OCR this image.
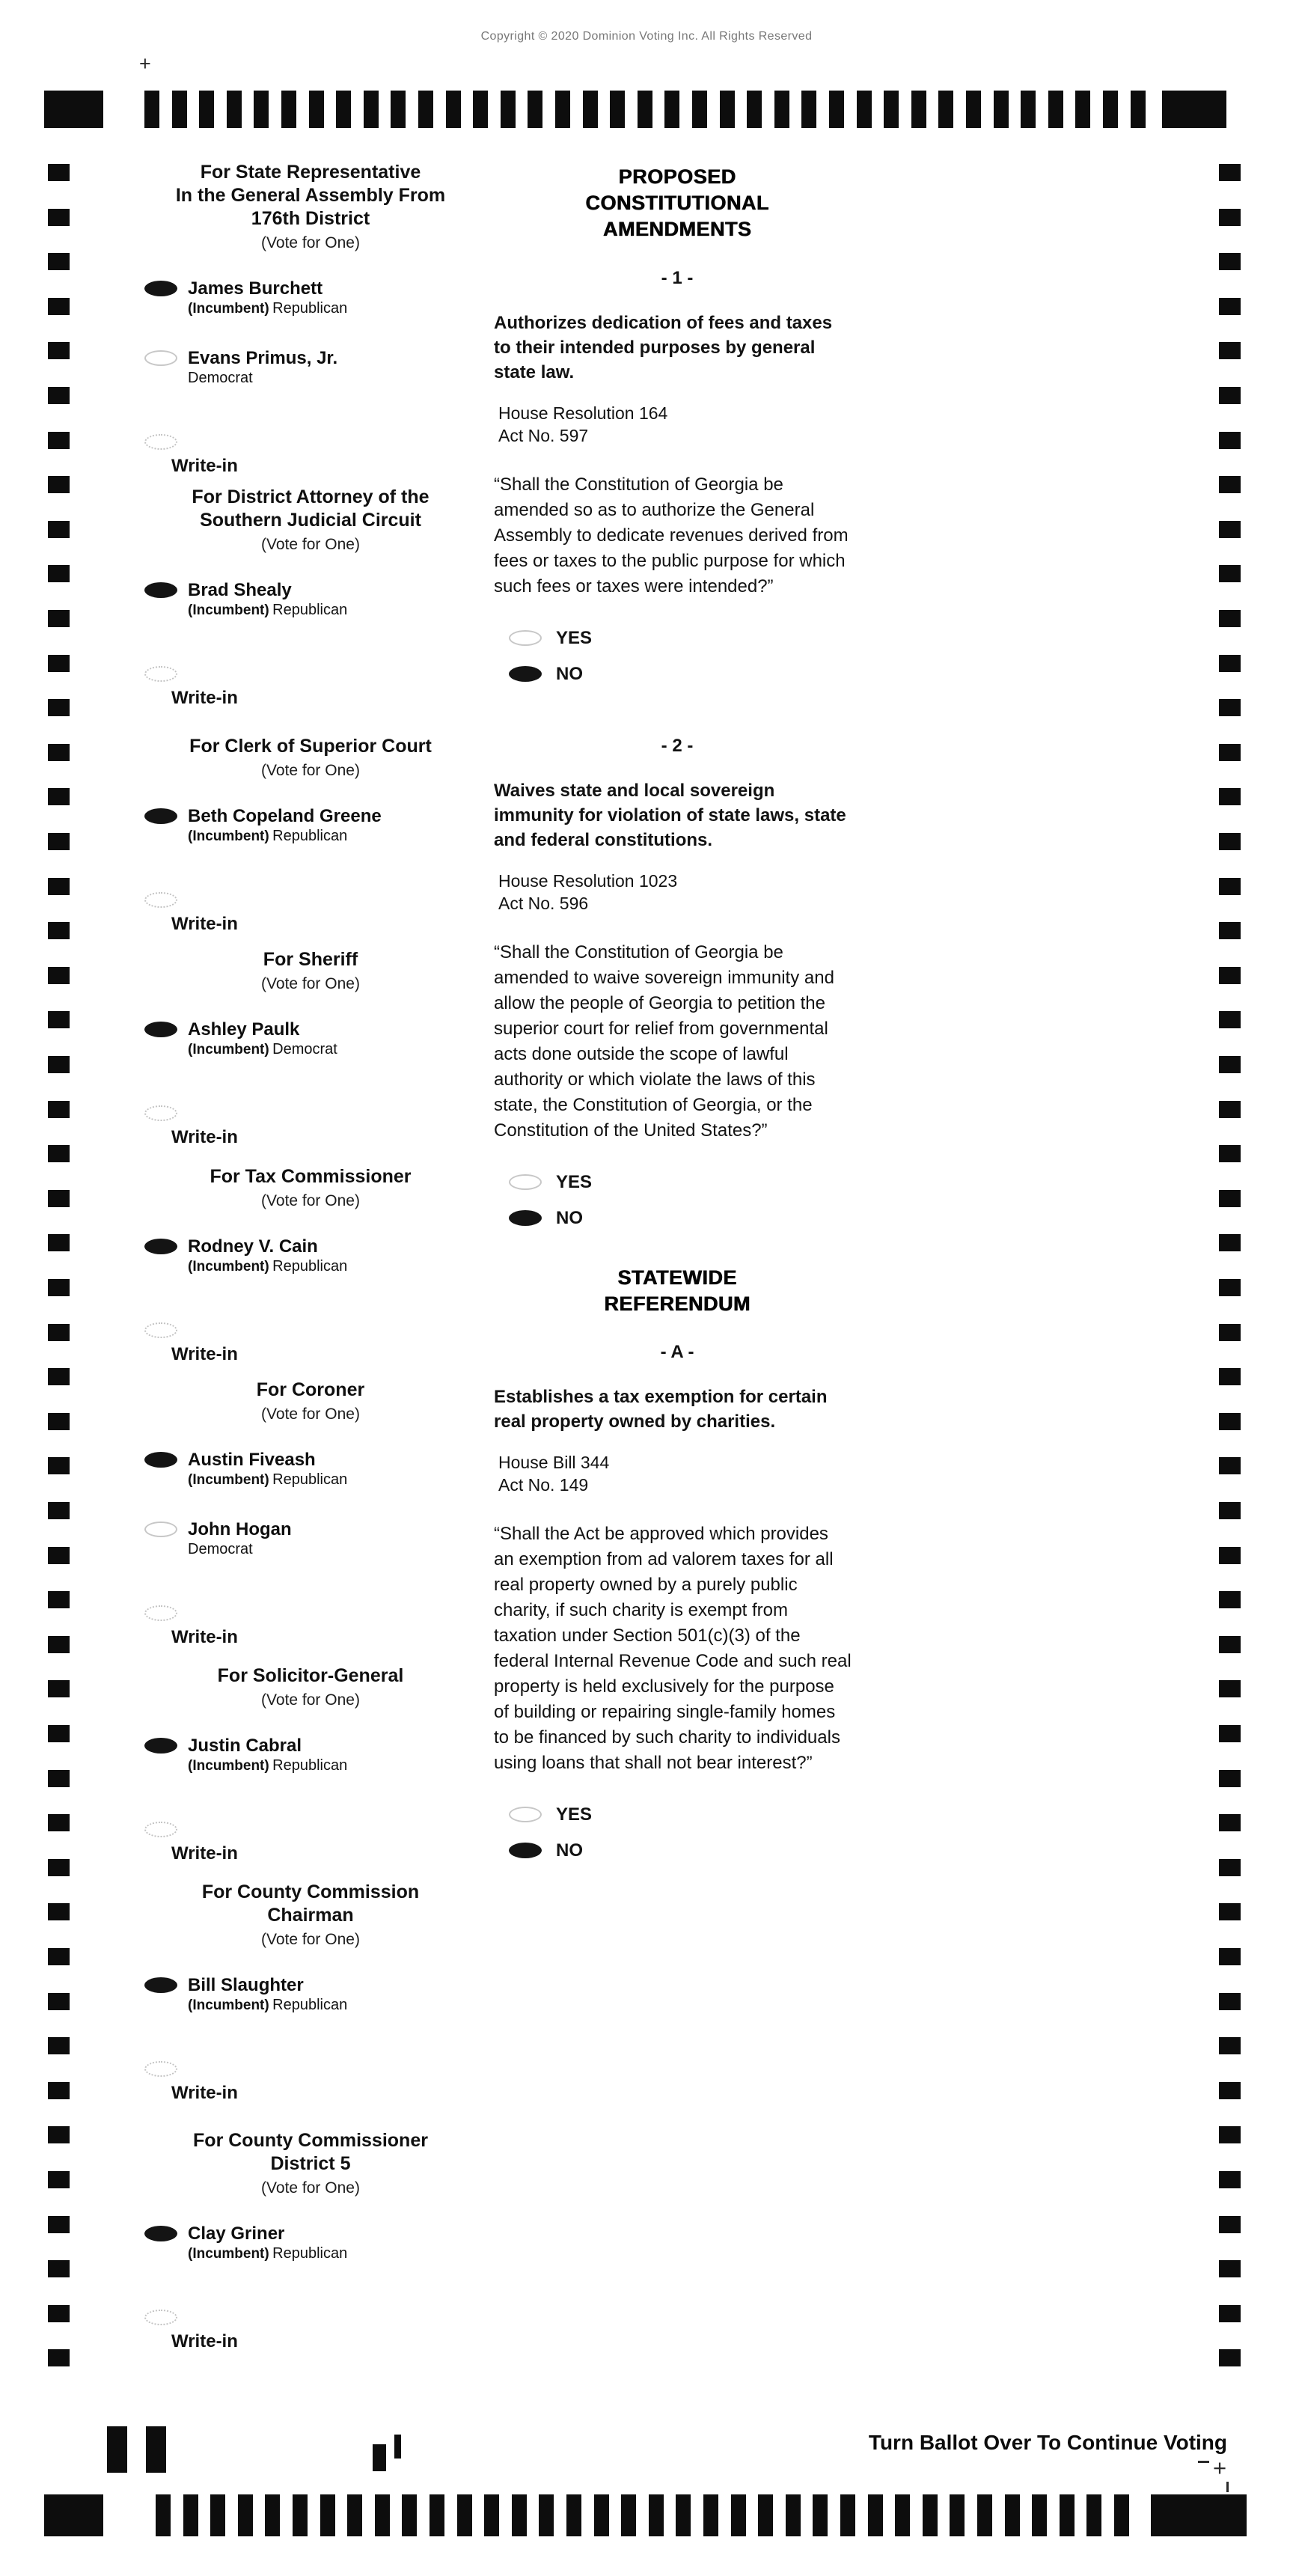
Copyright © 2020 Dominion Voting Inc. All Rights Reserved
+
For State Representative
In the General Assembly From
176th District
(Vote for One)
James Burchett
(Incumbent) Republican
Evans Primus, Jr.
Democrat
Write-in
For District Attorney of the
Southern Judicial Circuit
(Vote for One)
Brad Shealy
(Incumbent) Republican
Write-in
For Clerk of Superior Court
(Vote for One)
Beth Copeland Greene
(Incumbent) Republican
Write-in
For Sheriff
(Vote for One)
Ashley Paulk
(Incumbent) Democrat
Write-in
For Tax Commissioner
(Vote for One)
Rodney V. Cain
(Incumbent) Republican
Write-in
For Coroner
(Vote for One)
Austin Fiveash
(Incumbent) Republican
John Hogan
Democrat
Write-in
For Solicitor-General
(Vote for One)
Justin Cabral
(Incumbent) Republican
Write-in
For County Commission
Chairman
(Vote for One)
Bill Slaughter
(Incumbent) Republican
Write-in
For County Commissioner
District 5
(Vote for One)
Clay Griner
(Incumbent) Republican
Write-in
PROPOSED
CONSTITUTIONAL
AMENDMENTS
- 1 -
Authorizes dedication of fees and taxes to their intended purposes by general state law.
House Resolution 164
Act No. 597
“Shall the Constitution of Georgia be amended so as to authorize the General Assembly to dedicate revenues derived from fees or taxes to the public purpose for which such fees or taxes were intended?”
YES
NO
- 2 -
Waives state and local sovereign immunity for violation of state laws, state and federal constitutions.
House Resolution 1023
Act No. 596
“Shall the Constitution of Georgia be amended to waive sovereign immunity and allow the people of Georgia to petition the superior court for relief from governmental acts done outside the scope of lawful authority or which violate the laws of this state, the Constitution of Georgia, or the Constitution of the United States?”
YES
NO
STATEWIDE
REFERENDUM
- A -
Establishes a tax exemption for certain real property owned by charities.
House Bill 344
Act No. 149
“Shall the Act be approved which provides an exemption from ad valorem taxes for all real property owned by a purely public charity, if such charity is exempt from taxation under Section 501(c)(3) of the federal Internal Revenue Code and such real property is held exclusively for the purpose of building or repairing single-family homes to be financed by such charity to individuals using loans that shall not bear interest?”
YES
NO
Turn Ballot Over To Continue Voting
+
